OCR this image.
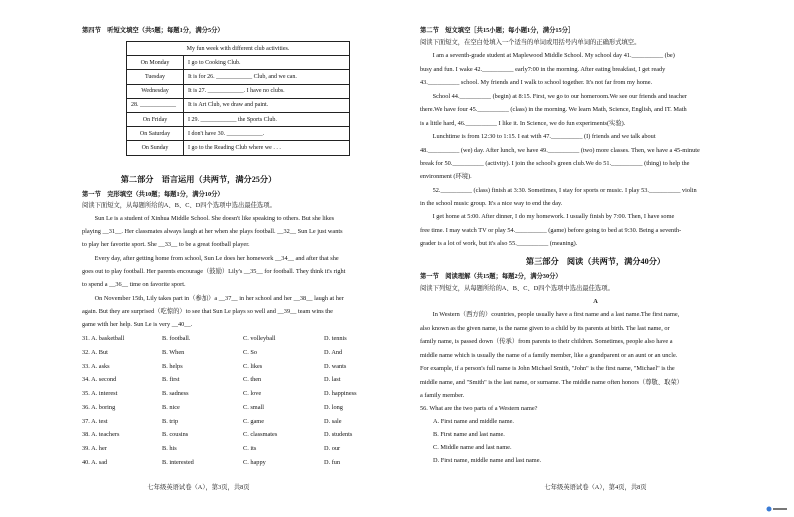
第四节　听短文填空（共5题；每题1分，满分5分）
My fun week with different club activities.	
On Monday	I go to Cooking Club.
Tuesday	It is for 26. ____________ Club, and we can.
Wednesday	It is 27. ____________. I have no clubs.
28. ____________	It is Art Club, we draw and paint.
On Friday	I 29. ____________ the Sports Club.
On Saturday	I don't have 30. ____________.
On Sunday	I go to the Reading Club where we . . .
第二部分　语言运用（共两节，满分25分）
第一节　完形填空（共10题；每题1分，满分10分）
阅读下面短文，从每题所给的A、B、C、D四个选项中选出最佳选项。
　　Sun Le is a student of Xinhua Middle School. She doesn't like speaking to others. But she likes
playing __31__. Her classmates always laugh at her when she plays football. __32__ Sun Le just wants
to play her favorite sport. She __33__ to be a great football player.
　　Every day, after getting home from school, Sun Le does her homework __34__ and after that she
goes out to play football. Her parents encourage（鼓励）Lily's __35__ for football. They think it's right
to spend a __36__ time on favorite sport.
　　On November 15th, Lily takes part in（参加）a __37__ in her school and her __38__ laugh at her
again. But they are surprised（吃惊的）to see that Sun Le plays so well and __39__ team wins the
game with her help. Sun Le is very __40__.
31. A. basketball	B. football.	C. volleyball	D. tennis
32. A. But	B. When	C. So	D. And
33. A. asks	B. helps	C. likes	D. wants
34. A. second	B. first	C. then	D. last
35. A. interest	B. sadness	C. love	D. happiness
36. A. boring	B. nice	C. small	D. long
37. A. test	B. trip	C. game	D. sale
38. A. teachers	B. cousins	C. classmates	D. students
39. A. her	B. his	C. its	D. our
40. A. sad	B. interested	C. happy	D. fun
七年级英语试卷（A），第3页，共8页
第二节　短文填空［共15小题；每小题1分，满分15分］
阅读下面短文，在空白处填入一个适当的单词或用括号内单词的正确形式填空。
　　I am a seventh-grade student at Maplewood Middle School. My school day 41.__________ (be)
busy and fun. I wake 42.__________ early7:00 in the morning. After eating breakfast, I get ready
43.__________ school. My friends and I walk to school together. It's not far from my home.
　　School 44.__________ (begin) at 8:15. First, we go to our homeroom.We see our friends and teacher
there.We have four 45.__________ (class) in the morning. We learn Math, Science, English, and IT. Math
is a little hard, 46.__________ I like it. In Science, we do fun experiments(实验).
　　Lunchtime is from 12:30 to 1:15. I eat with 47.__________ (I) friends and we talk about
48.__________ (we) day. After lunch, we have 49.__________ (two) more classes. Then, we have a 45-minute
break for 50.__________ (activity). I join the school's green club.We do 51.__________ (thing) to help the
environment (环境).
　　52.__________ (class) finish at 3:30. Sometimes, I stay for sports or music. I play 53.__________ violin
in the school music group. It's a nice way to end the day.
　　I get home at 5:00. After dinner, I do my homework. I usually finish by 7:00. Then, I have some
free time. I may watch TV or play 54.__________ (game) before going to bed at 9:30. Being a seventh-
grader is a lot of work, but it's also 55.__________ (meaning).
第三部分　阅读（共两节，满分40分）
第一节　阅读理解（共15题；每题2分，满分30分）
阅读下列短文，从每题所给的A、B、C、D四个选项中选出最佳选项。
A
　　In Western（西方的）countries, people usually have a first name and a last name.The first name,
also known as the given name, is the name given to a child by its parents at birth. The last name, or
family name, is passed down（传承）from parents to their children. Sometimes, people also have a
middle name which is usually the name of a family member, like a grandparent or an aunt or an uncle.
For example, if a person's full name is John Michael Smith, "John" is the first name, "Michael" is the
middle name, and "Smith" is the last name, or surname. The middle name often honors（尊敬、取荣）
a family member.
56. What are the two parts of a Western name?
A. First name and middle name.
B. First name and last name.
C. Middle name and last name.
D. First name, middle name and last name.
七年级英语试卷（A），第4页，共8页
